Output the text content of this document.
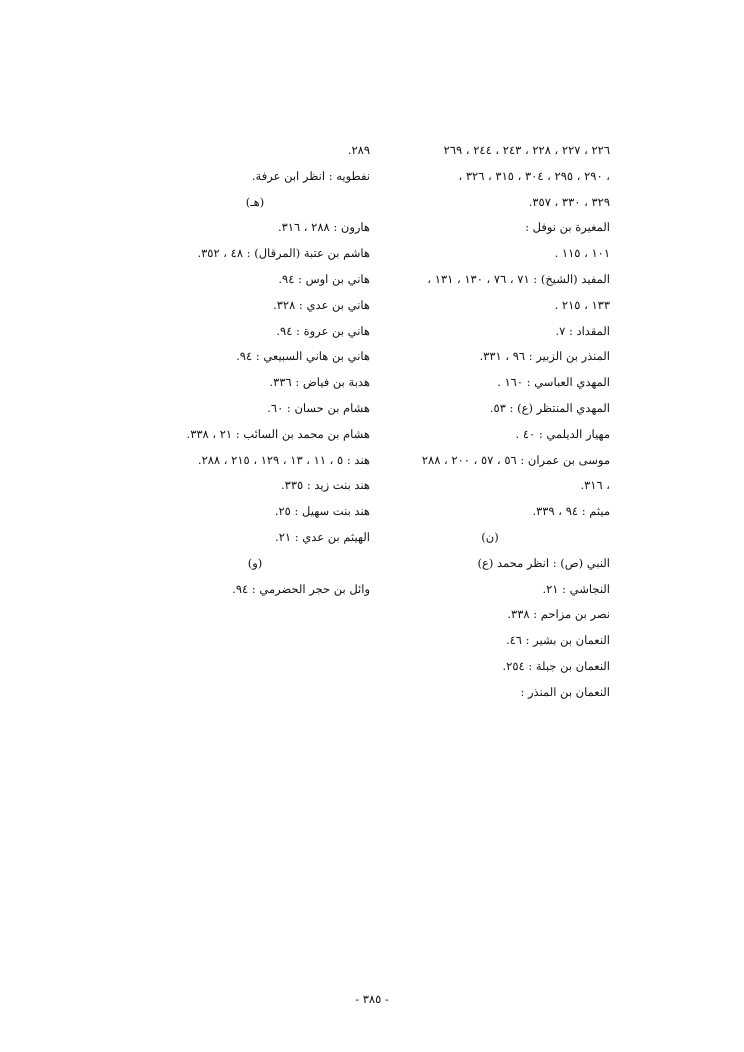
٢٢٦ ، ٢٢٧ ، ٢٢٨ ، ٢٤٣ ، ٢٤٤ ، ٢٦٩
، ٢٩٠ ، ٢٩٥ ، ٣٠٤ ، ٣١٥ ، ٣٢٦ ،
٣٢٩ ، ٣٣٠ ، ٣٥٧.
المغيرة بن نوفل :
١٠١ ، ١١٥ .
المفيد (الشيخ) : ٧١ ، ٧٦ ، ١٣٠ ، ١٣١ ،
١٣٣ ، ٢١٥ .
المقداد : ٧.
المنذر بن الزبير : ٩٦ ، ٣٣١.
المهدي العباسي : ١٦٠ .
المهدي المنتظر (ع) : ٥٣.
مهيار الديلمي : ٤٠ .
موسى بن عمران : ٥٦ ، ٥٧ ، ٢٠٠ ، ٢٨٨
، ٣١٦.
ميثم : ٩٤ ، ٣٣٩.
(ن)
النبي (ص) : انظر محمد (ع)
النجاشي : ٢١.
نصر بن مزاحم : ٣٣٨.
النعمان بن بشير : ٤٦.
النعمان بن جبلة : ٢٥٤.
النعمان بن المنذر :
٢٨٩.
نفطويه : انظر ابن عرفة.
(هـ)
هارون : ٢٨٨ ، ٣١٦.
هاشم بن عتبة (المرقال) : ٤٨ ، ٣٥٢.
هاني بن اوس : ٩٤.
هاني بن عدي : ٣٢٨.
هاني بن عروة : ٩٤.
هاني بن هاني السبيعي : ٩٤.
هدبة بن فياض : ٣٣٦.
هشام بن حسان : ٦٠.
هشام بن محمد بن السائب : ٢١ ، ٣٣٨.
هند : ٥ ، ١١ ، ١٣ ، ١٢٩ ، ٢١٥ ، ٢٨٨.
هند بنت زيد : ٣٣٥.
هند بنت سهيل : ٢٥.
الهيثم بن عدي : ٢١.
(و)
وائل بن حجر الحضرمي : ٩٤.
- ٣٨٥ -
